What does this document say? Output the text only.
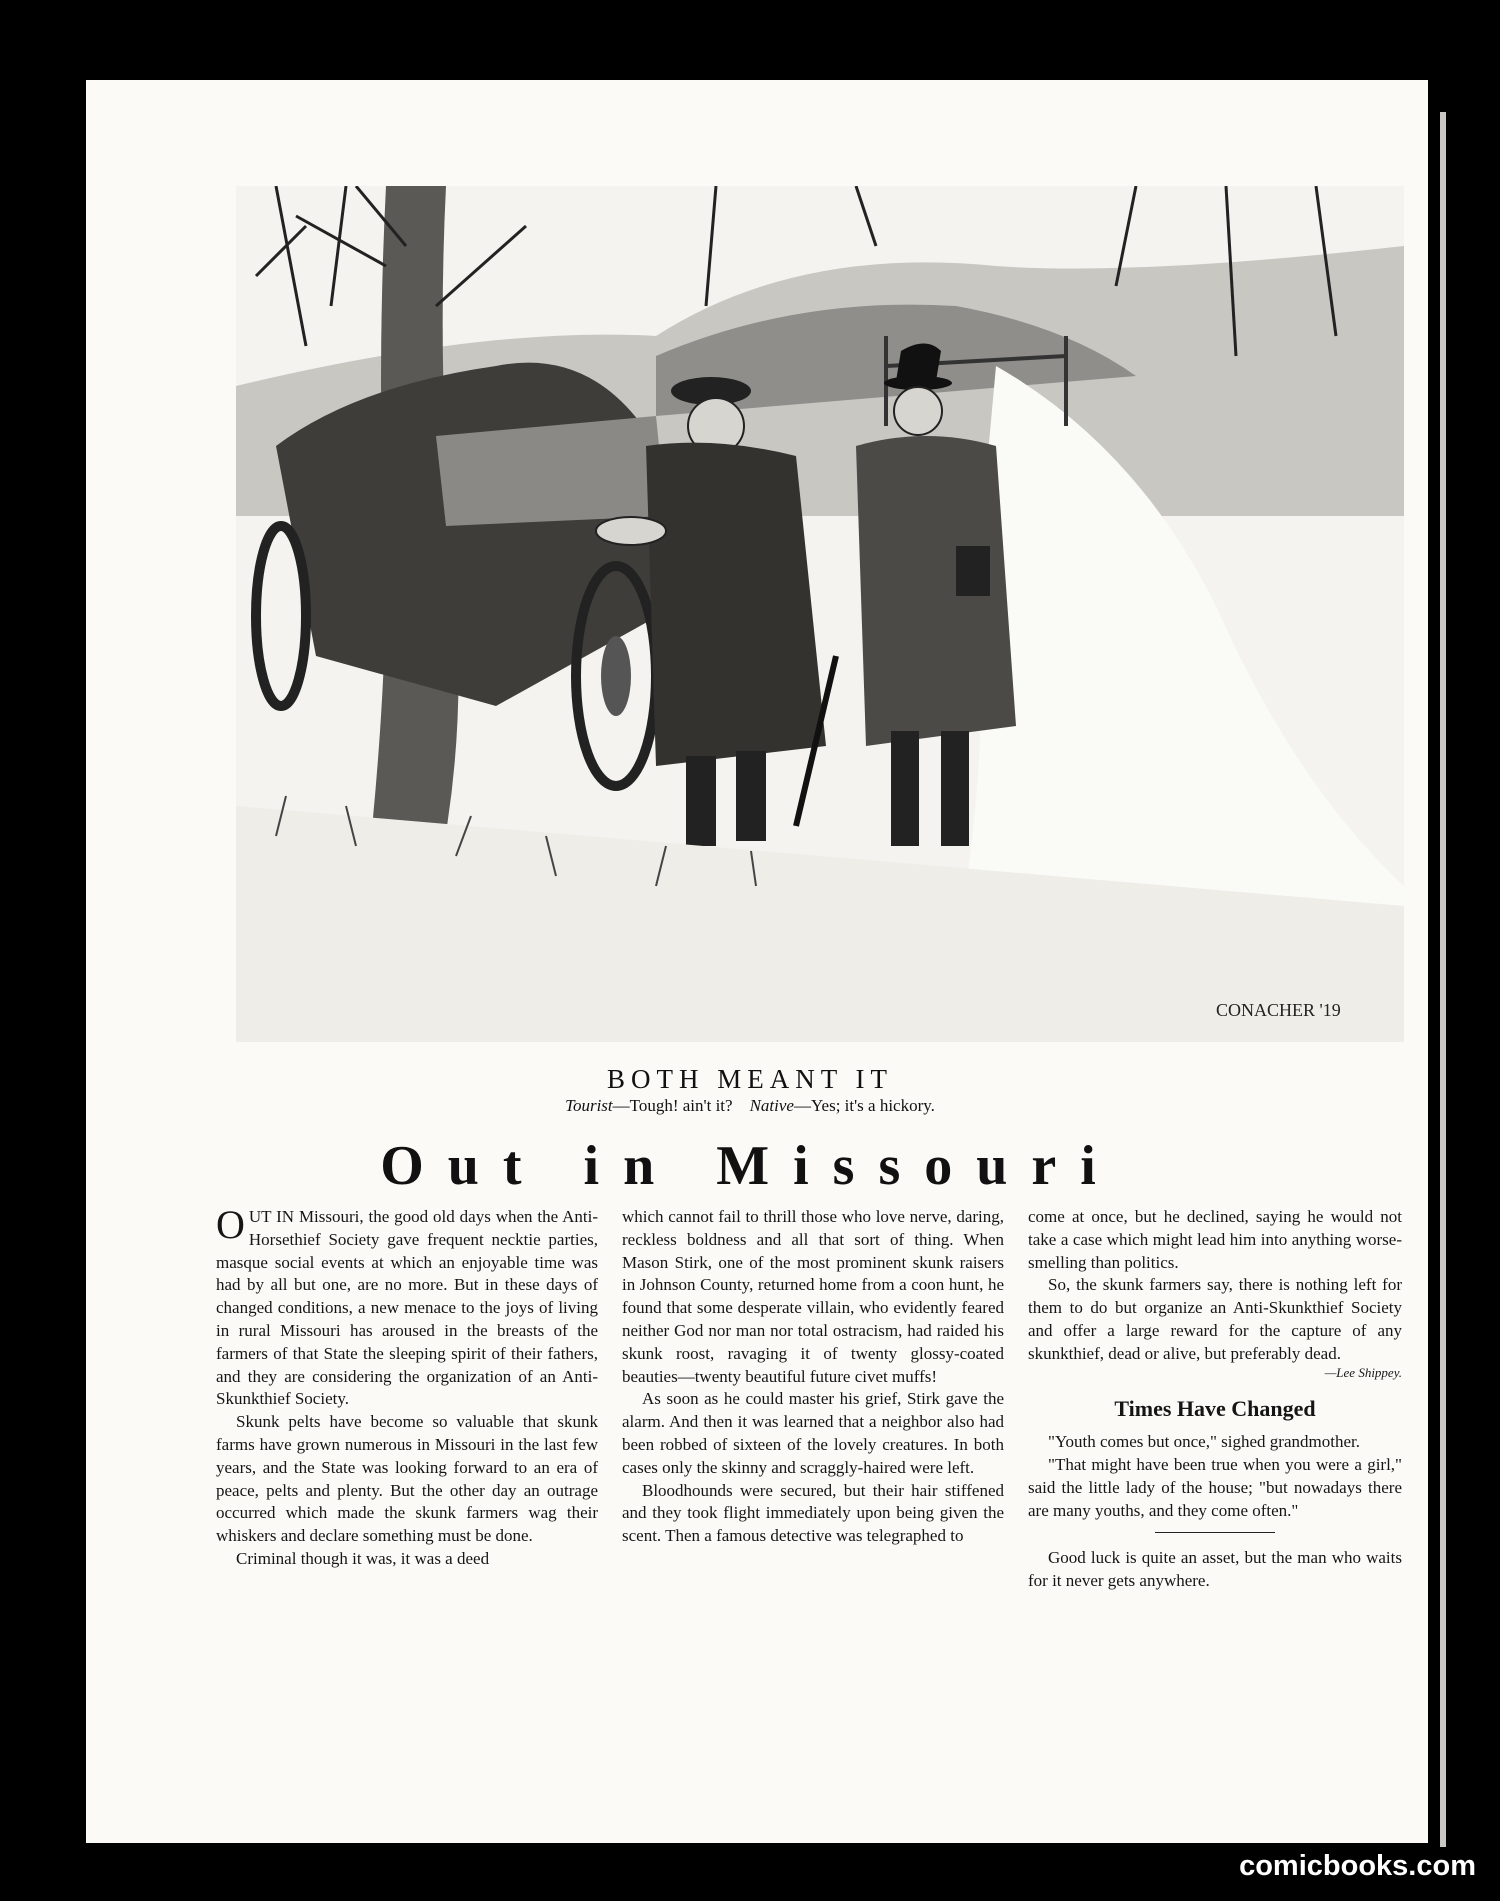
CONACHER '19
BOTH MEANT IT
Tourist—Tough! ain't it? Native—Yes; it's a hickory.
Out in Missouri

OUT IN Missouri, the good old days when the Anti-Horsethief Society gave frequent necktie parties, masque social events at which an enjoyable time was had by all but one, are no more. But in these days of changed conditions, a new menace to the joys of living in rural Missouri has aroused in the breasts of the farmers of that State the sleeping spirit of their fathers, and they are considering the organization of an Anti-Skunkthief Society.

Skunk pelts have become so valuable that skunk farms have grown numerous in Missouri in the last few years, and the State was looking forward to an era of peace, pelts and plenty. But the other day an outrage occurred which made the skunk farmers wag their whiskers and declare something must be done.

Criminal though it was, it was a deed

which cannot fail to thrill those who love nerve, daring, reckless boldness and all that sort of thing. When Mason Stirk, one of the most prominent skunk raisers in Johnson County, returned home from a coon hunt, he found that some desperate villain, who evidently feared neither God nor man nor total ostracism, had raided his skunk roost, ravaging it of twenty glossy-coated beauties—twenty beautiful future civet muffs!

As soon as he could master his grief, Stirk gave the alarm. And then it was learned that a neighbor also had been robbed of sixteen of the lovely creatures. In both cases only the skinny and scraggly-haired were left.

Bloodhounds were secured, but their hair stiffened and they took flight immediately upon being given the scent. Then a famous detective was telegraphed to

come at once, but he declined, saying he would not take a case which might lead him into anything worse-smelling than politics.

So, the skunk farmers say, there is nothing left for them to do but organize an Anti-Skunkthief Society and offer a large reward for the capture of any skunkthief, dead or alive, but preferably dead.

—Lee Shippey.
Times Have Changed

"Youth comes but once," sighed grandmother.

"That might have been true when you were a girl," said the little lady of the house; "but nowadays there are many youths, and they come often."

Good luck is quite an asset, but the man who waits for it never gets anywhere.

comicbooks.com
